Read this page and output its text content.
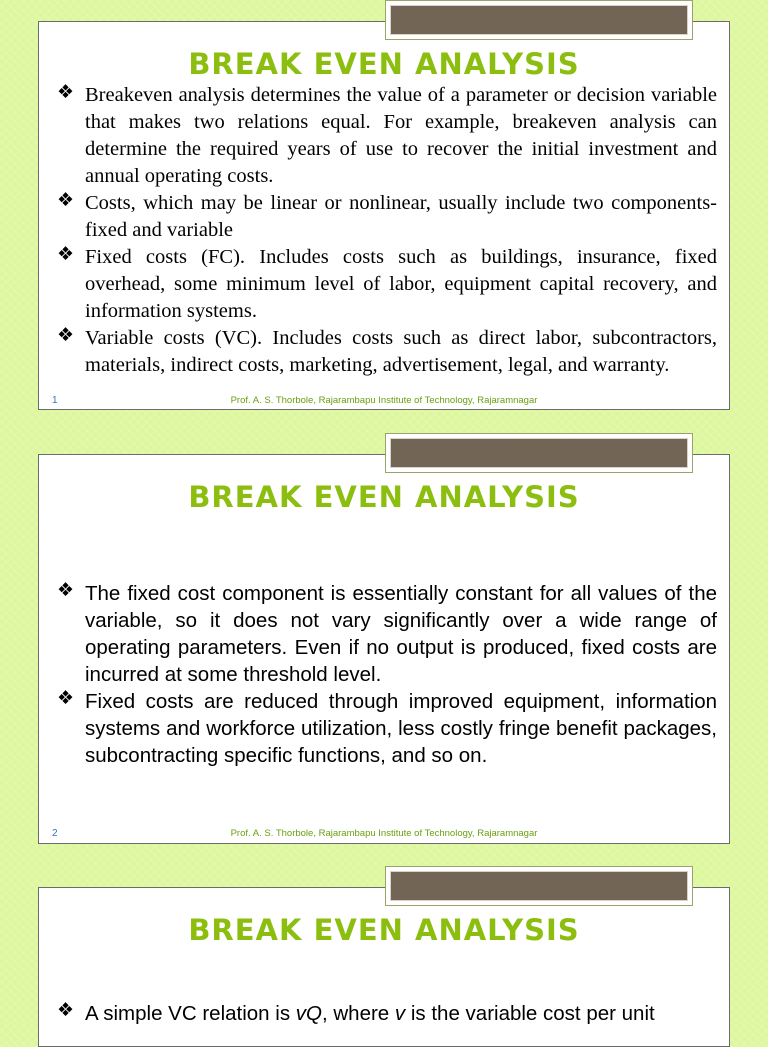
BREAK EVEN ANALYSIS
❖ Breakeven analysis determines the value of a parameter or decision variable that makes two relations equal. For example, breakeven analysis can determine the required years of use to recover the initial investment and annual operating costs.
❖ Costs, which may be linear or nonlinear, usually include two components- fixed and variable
❖ Fixed costs (FC). Includes costs such as buildings, insurance, fixed overhead, some minimum level of labor, equipment capital recovery, and information systems.
❖ Variable costs (VC). Includes costs such as direct labor, subcontractors, materials, indirect costs, marketing, advertisement, legal, and warranty.
1	Prof. A. S. Thorbole, Rajarambapu Institute of Technology, Rajaramnagar
BREAK EVEN ANALYSIS
❖ The fixed cost component is essentially constant for all values of the variable, so it does not vary significantly over a wide range of operating parameters. Even if no output is produced, fixed costs are incurred at some threshold level.
❖ Fixed costs are reduced through improved equipment, information systems and workforce utilization, less costly fringe benefit packages, subcontracting specific functions, and so on.
2	Prof. A. S. Thorbole, Rajarambapu Institute of Technology, Rajaramnagar
BREAK EVEN ANALYSIS
❖ A simple VC relation is vQ, where v is the variable cost per unit
